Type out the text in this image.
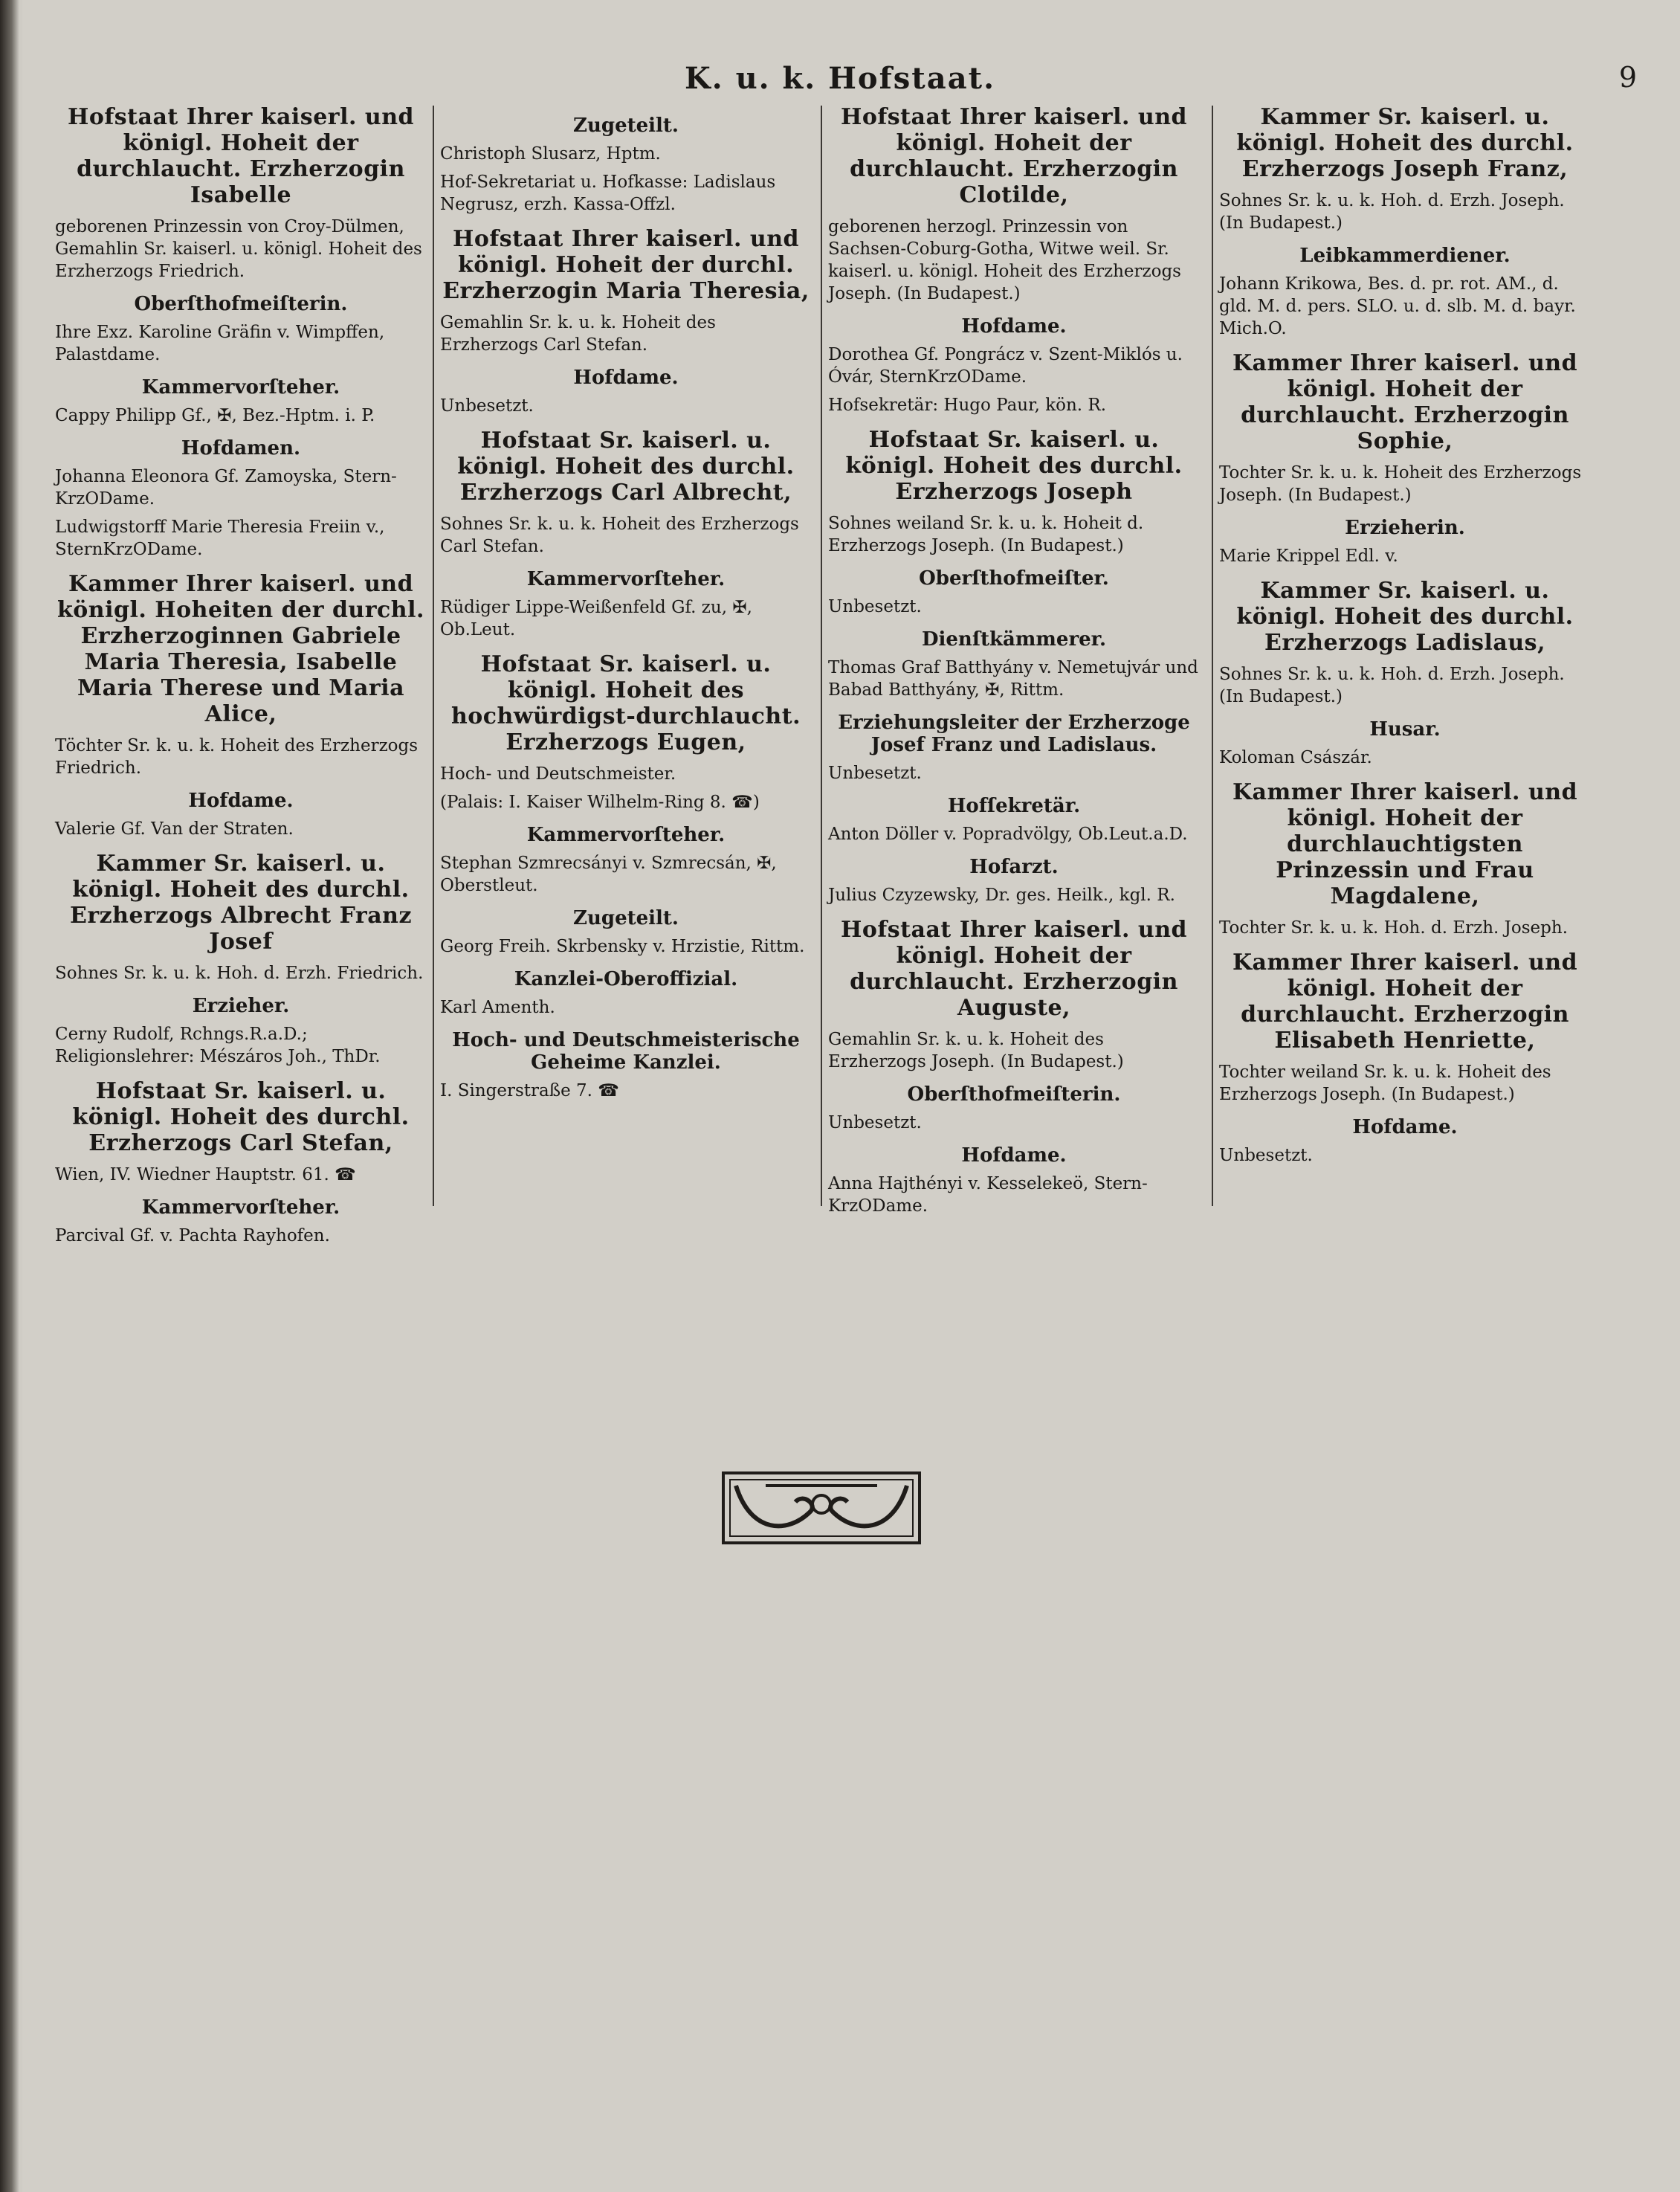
K. u. k. Hofstaat.	9
Hofstaat Ihrer kaiserl. und königl. Hoheit der durchlaucht. Erzherzogin Isabelle
geborenen Prinzessin von Croy-Dülmen, Gemahlin Sr. kaiserl. u. königl. Hoheit des Erzherzogs Friedrich.
Oberſthofmeiſterin.
Ihre Exz. Karoline Gräfin v. Wimpffen, Palastdame.
Kammervorſteher.
Cappy Philipp Gf., ✠, Bez.-Hptm. i. P.
Hofdamen.
Johanna Eleonora Gf. Zamoyska, Stern-KrzODame.
Ludwigstorff Marie Theresia Freiin v., SternKrzODame.
Kammer Ihrer kaiserl. und königl. Hoheiten der durchl. Erzherzoginnen Gabriele Maria Theresia, Isabelle Maria Therese und Maria Alice,
Töchter Sr. k. u. k. Hoheit des Erzherzogs Friedrich.
Hofdame.
Valerie Gf. Van der Straten.
Kammer Sr. kaiserl. u. königl. Hoheit des durchl. Erzherzogs Albrecht Franz Josef
Sohnes Sr. k. u. k. Hoh. d. Erzh. Friedrich.
Erzieher.
Cerny Rudolf, Rchngs.R.a.D.; Religionslehrer: Mészáros Joh., ThDr.
Hofstaat Sr. kaiserl. u. königl. Hoheit des durchl. Erzherzogs Carl Stefan,
Wien, IV. Wiedner Hauptstr. 61. ☎
Kammervorſteher.
Parcival Gf. v. Pachta Rayhofen.
Zugeteilt.
Christoph Slusarz, Hptm.
Hof-Sekretariat u. Hofkasse: Ladislaus Negrusz, erzh. Kassa-Offzl.
Hofstaat Ihrer kaiserl. und königl. Hoheit der durchl. Erzherzogin Maria Theresia,
Gemahlin Sr. k. u. k. Hoheit des Erzherzogs Carl Stefan.
Hofdame.
Unbesetzt.
Hofstaat Sr. kaiserl. u. königl. Hoheit des durchl. Erzherzogs Carl Albrecht,
Sohnes Sr. k. u. k. Hoheit des Erzherzogs Carl Stefan.
Kammervorſteher.
Rüdiger Lippe-Weißenfeld Gf. zu, ✠, Ob.Leut.
Hofstaat Sr. kaiserl. u. königl. Hoheit des hochwürdigst-durchlaucht. Erzherzogs Eugen,
Hoch- und Deutschmeister.
(Palais: I. Kaiser Wilhelm-Ring 8. ☎)
Kammervorſteher.
Stephan Szmrecsányi v. Szmrecsán, ✠, Oberstleut.
Zugeteilt.
Georg Freih. Skrbensky v. Hrzistie, Rittm.
Kanzlei-Oberoffizial.
Karl Amenth.
Hoch- und Deutschmeisterische Geheime Kanzlei.
I. Singerstraße 7. ☎
Hofstaat Ihrer kaiserl. und königl. Hoheit der durchlaucht. Erzherzogin Clotilde,
geborenen herzogl. Prinzessin von Sachsen-Coburg-Gotha, Witwe weil. Sr. kaiserl. u. königl. Hoheit des Erzherzogs Joseph. (In Budapest.)
Hofdame.
Dorothea Gf. Pongrácz v. Szent-Miklós u. Óvár, SternKrzODame.
Hofsekretär: Hugo Paur, kön. R.
Hofstaat Sr. kaiserl. u. königl. Hoheit des durchl. Erzherzogs Joseph
Sohnes weiland Sr. k. u. k. Hoheit d. Erzherzogs Joseph. (In Budapest.)
Oberſthofmeiſter.
Unbesetzt.
Dienſtkämmerer.
Thomas Graf Batthyány v. Nemetujvár und Babad Batthyány, ✠, Rittm.
Erziehungsleiter der Erzherzoge Josef Franz und Ladislaus.
Unbesetzt.
Hofſekretär.
Anton Döller v. Popradvölgy, Ob.Leut.a.D.
Hofarzt.
Julius Czyzewsky, Dr. ges. Heilk., kgl. R.
Hofstaat Ihrer kaiserl. und königl. Hoheit der durchlaucht. Erzherzogin Auguste,
Gemahlin Sr. k. u. k. Hoheit des Erzherzogs Joseph. (In Budapest.)
Oberſthofmeiſterin.
Unbesetzt.
Hofdame.
Anna Hajthényi v. Kesselekeö, Stern-KrzODame.
Kammer Sr. kaiserl. u. königl. Hoheit des durchl. Erzherzogs Joseph Franz,
Sohnes Sr. k. u. k. Hoh. d. Erzh. Joseph. (In Budapest.)
Leibkammerdiener.
Johann Krikowa, Bes. d. pr. rot. AM., d. gld. M. d. pers. SLO. u. d. slb. M. d. bayr. Mich.O.
Kammer Ihrer kaiserl. und königl. Hoheit der durchlaucht. Erzherzogin Sophie,
Tochter Sr. k. u. k. Hoheit des Erzherzogs Joseph. (In Budapest.)
Erzieherin.
Marie Krippel Edl. v.
Kammer Sr. kaiserl. u. königl. Hoheit des durchl. Erzherzogs Ladislaus,
Sohnes Sr. k. u. k. Hoh. d. Erzh. Joseph. (In Budapest.)
Husar.
Koloman Császár.
Kammer Ihrer kaiserl. und königl. Hoheit der durchlauchtigsten Prinzessin und Frau Magdalene,
Tochter Sr. k. u. k. Hoh. d. Erzh. Joseph.
Kammer Ihrer kaiserl. und königl. Hoheit der durchlaucht. Erzherzogin Elisabeth Henriette,
Tochter weiland Sr. k. u. k. Hoheit des Erzherzogs Joseph. (In Budapest.)
Hofdame.
Unbesetzt.
